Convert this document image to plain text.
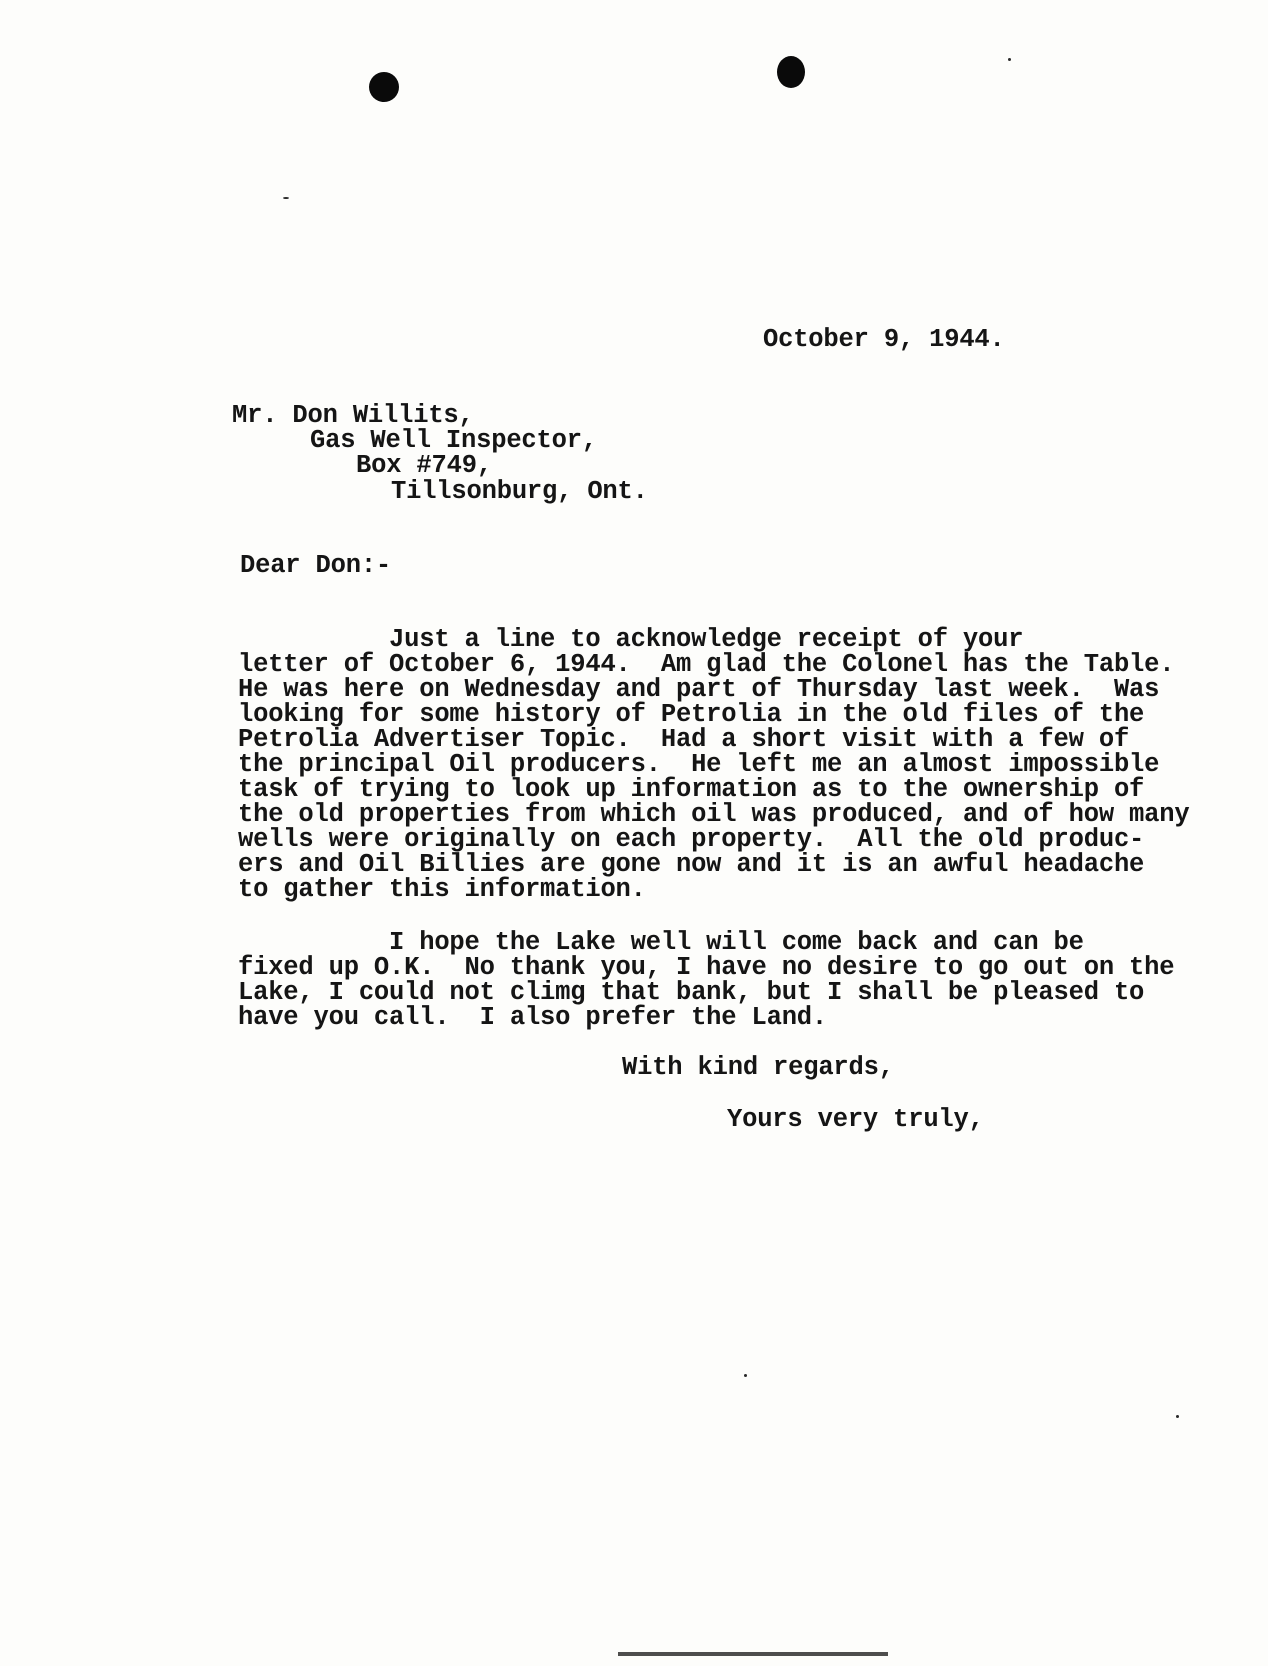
October 9, 1944.
Mr. Don Willits,
Gas Well Inspector,
Box #749,
Tillsonburg, Ont.
Dear Don:-
Just a line to acknowledge receipt of your
letter of October 6, 1944.  Am glad the Colonel has the Table.
He was here on Wednesday and part of Thursday last week.  Was
looking for some history of Petrolia in the old files of the
Petrolia Advertiser Topic.  Had a short visit with a few of
the principal Oil producers.  He left me an almost impossible
task of trying to look up information as to the ownership of
the old properties from which oil was produced, and of how many
wells were originally on each property.  All the old produc-
ers and Oil Billies are gone now and it is an awful headache
to gather this information.
I hope the Lake well will come back and can be
fixed up O.K.  No thank you, I have no desire to go out on the
Lake, I could not climg that bank, but I shall be pleased to
have you call.  I also prefer the Land.
With kind regards,
Yours very truly,
